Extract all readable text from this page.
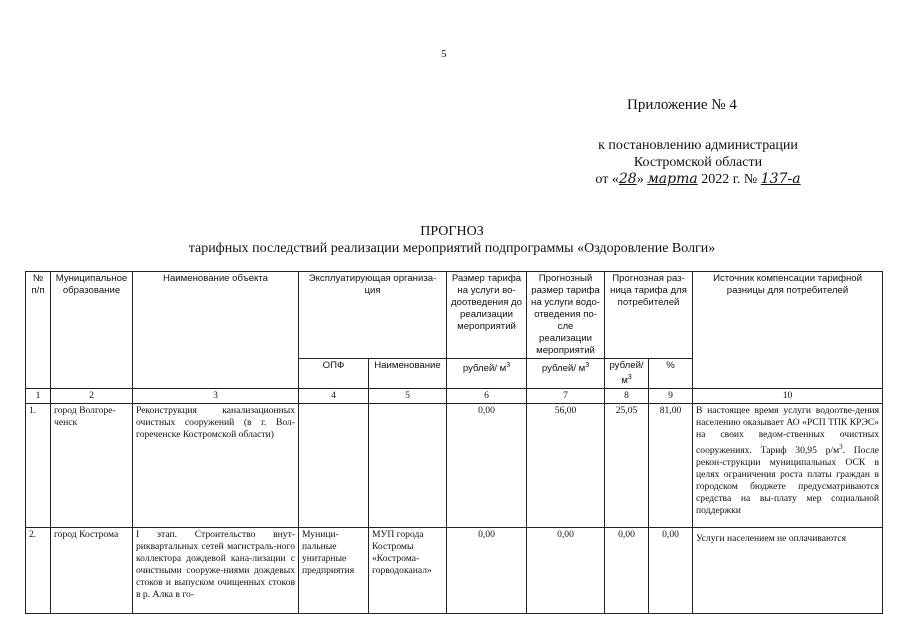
5
Приложение № 4
к постановлению администрации
Костромской области
от «28» марта 2022 г. № 137-а
ПРОГНОЗ
тарифных последствий реализации мероприятий подпрограммы «Оздоровление Волги»
№ п/п	Муниципальное образование	Наименование объекта	Эксплуатирующая организа-ция		Размер тарифа на услуги во-доотведения до реализации мероприятий	Прогнозный размер тарифа на услуги водо-отведения по-сле реализации мероприятий	Прогнозная раз-ница тарифа для потребителей		Источник компенсации тарифной разницы для потребителей
			ОПФ	Наименование	рублей/ $м^3$	рублей/ $м^3$	рублей/ $м^3$	%	
1	2	3	4	5	6	7	8	9	10
1.	город Волгоре-ченск	Реконструкция канализационных очистных сооружений (в г. Вол-гореченске Костромской области)			0,00	56,00	25,05	81,00	В настоящее время услуги водоотве-дения населению оказывает АО «РСП ТПК КРЭС» на своих ведом-ственных очистных сооружениях. Тариф 30,95 $р/м^3$. После рекон-струкции муниципальных ОСК в целях ограничения роста платы граждан в городском бюджете предусматриваются средства на вы-плату мер социальной поддержки
2.	город Кострома	I этап. Строительство внут-риквартальных сетей магистраль-ного коллектора дождевой кана-лизации с очистными сооруже-ниями дождевых стоков и выпуском очищенных стоков в р. Алка в го-	Муници-пальные унитарные предприятия	МУП города Костромы «Кострома-горводоканал»	0,00	0,00	0,00	0,00	Услуги населением не оплачиваются
